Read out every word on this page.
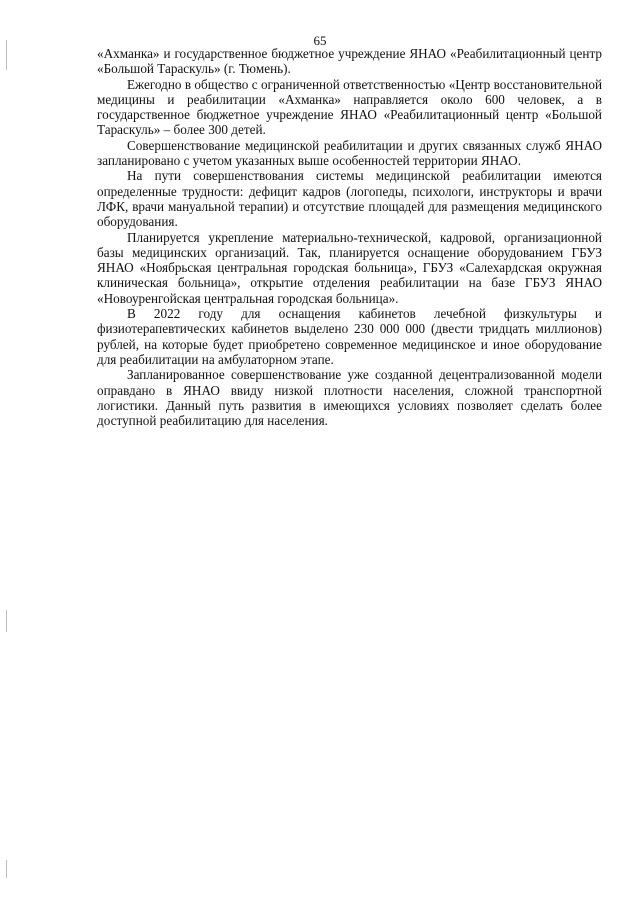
65

«Ахманка» и государственное бюджетное учреждение ЯНАО «Реабилитационный центр «Большой Тараскуль» (г. Тюмень).

Ежегодно в общество с ограниченной ответственностью «Центр восстановительной медицины и реабилитации «Ахманка» направляется около 600 человек, а в государственное бюджетное учреждение ЯНАО «Реабилитационный центр «Большой Тараскуль» – более 300 детей.

Совершенствование медицинской реабилитации и других связанных служб ЯНАО запланировано с учетом указанных выше особенностей территории ЯНАО.

На пути совершенствования системы медицинской реабилитации имеются определенные трудности: дефицит кадров (логопеды, психологи, инструкторы и врачи ЛФК, врачи мануальной терапии) и отсутствие площадей для размещения медицинского оборудования.

Планируется укрепление материально-технической, кадровой, организационной базы медицинских организаций. Так, планируется оснащение оборудованием ГБУЗ ЯНАО «Ноябрьская центральная городская больница», ГБУЗ «Салехардская окружная клиническая больница», открытие отделения реабилитации на базе ГБУЗ ЯНАО «Новоуренгойская центральная городская больница».

В 2022 году для оснащения кабинетов лечебной физкультуры и физиотерапевтических кабинетов выделено 230 000 000 (двести тридцать миллионов) рублей, на которые будет приобретено современное медицинское и иное оборудование для реабилитации на амбулаторном этапе.

Запланированное совершенствование уже созданной децентрализованной модели оправдано в ЯНАО ввиду низкой плотности населения, сложной транспортной логистики. Данный путь развития в имеющихся условиях позволяет сделать более доступной реабилитацию для населения.
